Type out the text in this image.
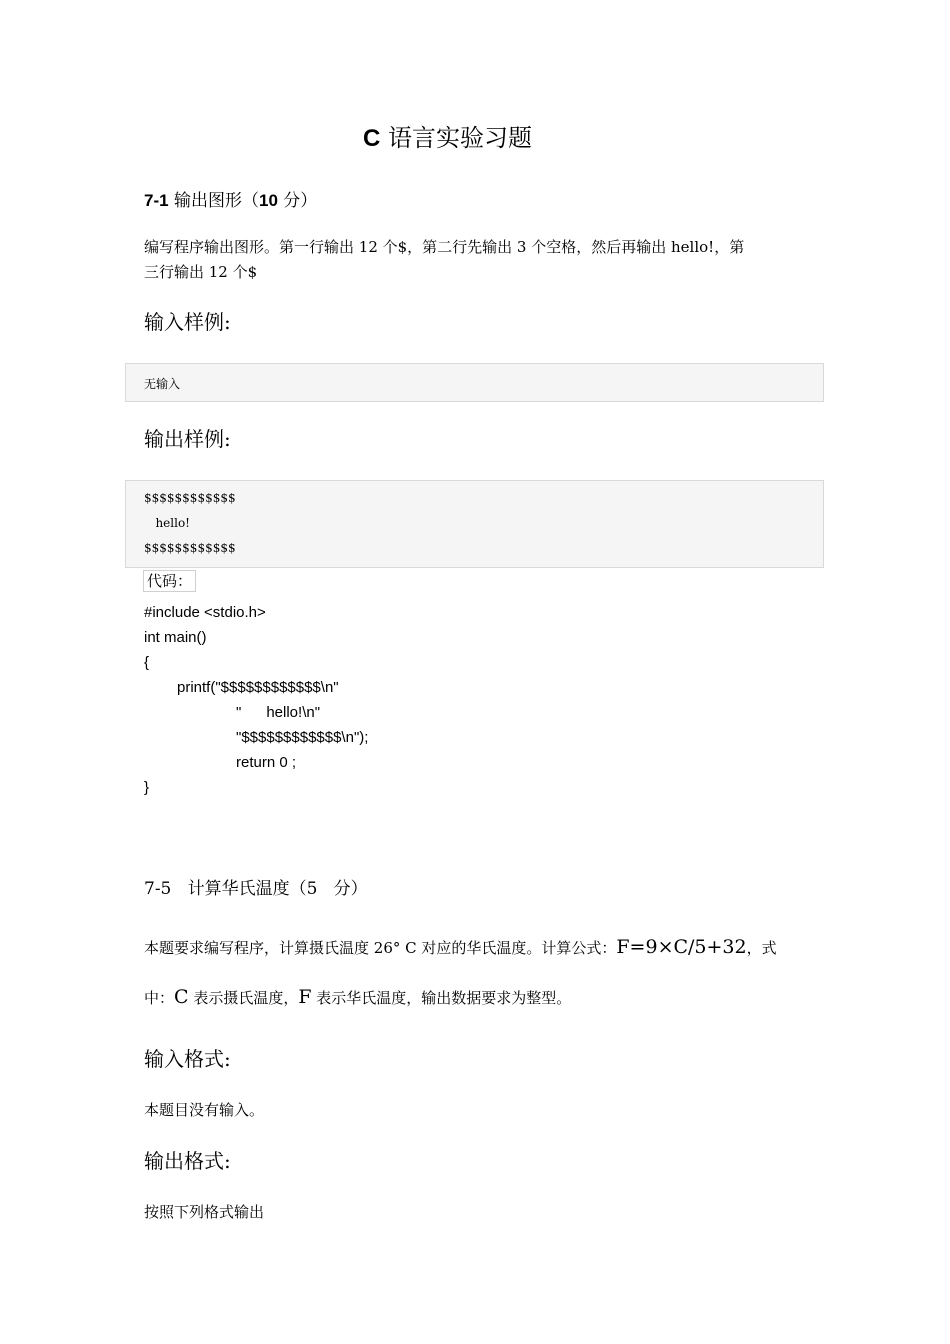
C 语言实验习题
7-1 输出图形（10 分）
编写程序输出图形。第一行输出 12 个$，第二行先输出 3 个空格，然后再输出 hello!，第
三行输出 12 个$
输入样例:
无输入
输出样例:
$$$$$$$$$$$$
hello!
$$$$$$$$$$$$
代码：
#include <stdio.h>
int main()
{
printf("$$$$$$$$$$$$\n"
"      hello!\n"
"$$$$$$$$$$$$\n");
return 0 ;
}
7-5   计算华氏温度（5   分）
本题要求编写程序，计算摄氏温度 26° C 对应的华氏温度。计算公式：F=9×C/5+32，式
中：C 表示摄氏温度，F 表示华氏温度，输出数据要求为整型。
输入格式:
本题目没有输入。
输出格式:
按照下列格式输出
